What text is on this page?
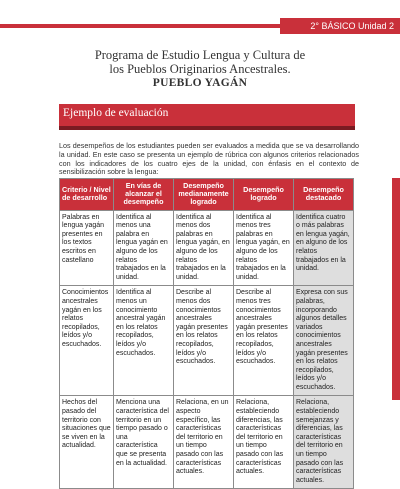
2° BÁSICO Unidad 2
Programa de Estudio Lengua y Cultura de
los Pueblos Originarios Ancestrales.
PUEBLO YAGÁN
Ejemplo de evaluación
Los desempeños de los estudiantes pueden ser evaluados a medida que se va desarrollando la unidad. En este caso se presenta un ejemplo de rúbrica con algunos criterios relacionados con los indicadores de los cuatro ejes de la unidad, con énfasis en el contexto de sensibilización sobre la lengua:
Criterio / Nivel de desarrollo	En vías de alcanzar el desempeño	Desempeño medianamente logrado	Desempeño logrado	Desempeño destacado
Palabras en lengua yagán presentes en los textos escritos en castellano	Identifica al menos una palabra en lengua yagán en alguno de los relatos trabajados en la unidad.	Identifica al menos dos palabras en lengua yagán, en alguno de los relatos trabajados en la unidad.	Identifica al menos tres palabras en lengua yagán, en alguno de los relatos trabajados en la unidad.	Identifica cuatro o más palabras en lengua yagán, en alguno de los relatos trabajados en la unidad.
Conocimientos ancestrales yagán en los relatos recopilados, leídos y/o escuchados.	Identifica al menos un conocimiento ancestral yagán en los relatos recopilados, leídos y/o escuchados.	Describe al menos dos conocimientos ancestrales yagán presentes en los relatos recopilados, leídos y/o escuchados.	Describe al menos tres conocimientos ancestrales yagán presentes en los relatos recopilados, leídos y/o escuchados.	Expresa con sus palabras, incorporando algunos detalles variados conocimientos ancestrales yagán presentes en los relatos recopilados, leídos y/o escuchados.
Hechos del pasado del territorio con situaciones que se viven en la actualidad.	Menciona una característica del territorio en un tiempo pasado o una característica que se presenta en la actualidad.	Relaciona, en un aspecto específico, las características del territorio en un tiempo pasado con las características actuales.	Relaciona, estableciendo diferencias, las características del territorio en un tiempo pasado con las características actuales.	Relaciona, estableciendo semejanzas y diferencias, las características del territorio en un tiempo pasado con las características actuales.
